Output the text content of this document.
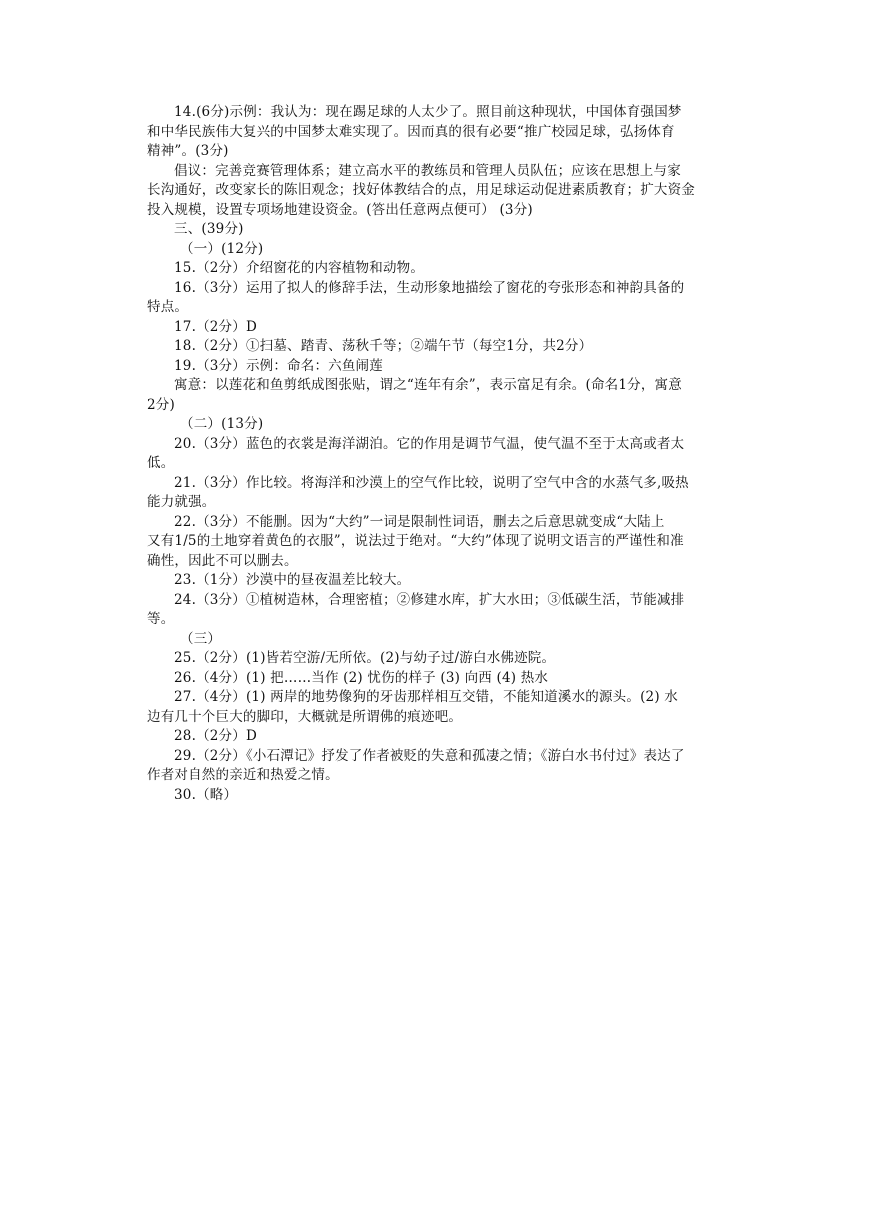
14.(6分)示例：我认为：现在踢足球的人太少了。照目前这种现状，中国体育强国梦
和中华民族伟大复兴的中国梦太难实现了。因而真的很有必要“推广校园足球，弘扬体育
精神”。(3分)
倡议：完善竞赛管理体系；建立高水平的教练员和管理人员队伍；应该在思想上与家
长沟通好，改变家长的陈旧观念；找好体教结合的点，用足球运动促进素质教育；扩大资金
投入规模，设置专项场地建设资金。(答出任意两点便可） (3分)
三、(39分)
（一）(12分)
15.（2分）介绍窗花的内容植物和动物。
16.（3分）运用了拟人的修辞手法，生动形象地描绘了窗花的夸张形态和神韵具备的
特点。
17.（2分）D
18.（2分）①扫墓、踏青、荡秋千等；②端午节（每空1分，共2分）
19.（3分）示例：命名：六鱼闹莲
寓意：以莲花和鱼剪纸成图张贴，谓之“连年有余”，表示富足有余。(命名1分，寓意
2分)
（二）(13分)
20.（3分）蓝色的衣裳是海洋湖泊。它的作用是调节气温，使气温不至于太高或者太
低。
21.（3分）作比较。将海洋和沙漠上的空气作比较，说明了空气中含的水蒸气多,吸热
能力就强。
22.（3分）不能删。因为“大约”一词是限制性词语，删去之后意思就变成“大陆上
又有1/5的土地穿着黄色的衣服”，说法过于绝对。“大约”体现了说明文语言的严谨性和准
确性，因此不可以删去。
23.（1分）沙漠中的昼夜温差比较大。
24.（3分）①植树造林，合理密植；②修建水库，扩大水田；③低碳生活，节能减排
等。
（三）
25.（2分）(1)皆若空游/无所依。(2)与幼子过/游白水佛迹院。
26.（4分）(1) 把……当作 (2) 忧伤的样子 (3) 向西 (4) 热水
27.（4分）(1) 两岸的地势像狗的牙齿那样相互交错，不能知道溪水的源头。(2) 水
边有几十个巨大的脚印，大概就是所谓佛的痕迹吧。
28.（2分）D
29.（2分）《小石潭记》抒发了作者被贬的失意和孤凄之情；《游白水书付过》表达了
作者对自然的亲近和热爱之情。
30.（略）
